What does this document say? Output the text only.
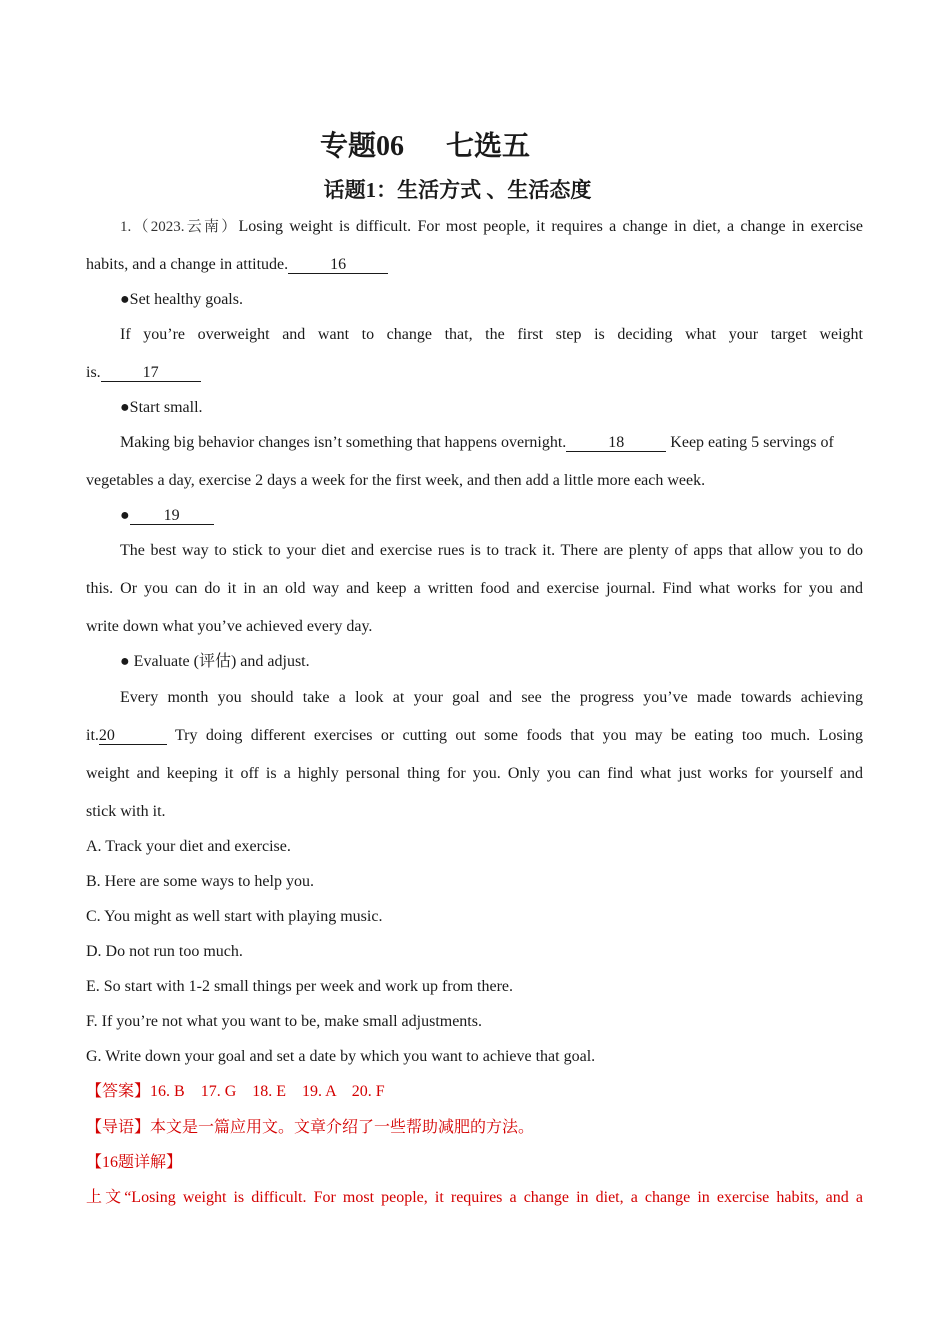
专题06 七选五
话题1：生活方式 、生活态度
1.（2023.云南）Losing weight is difficult. For most people, it requires a change in diet, a change in exercise
habits, and a change in attitude.	16
●Set healthy goals.
If you’re overweight and want to change that, the first step is deciding what your target weight
is.	17
●Start small.
Making big behavior changes isn’t something that happens overnight.	18	Keep eating 5 servings of
vegetables a day, exercise 2 days a week for the first week, and then add a little more each week.
● 19
The best way to stick to your diet and exercise rues is to track it. There are plenty of apps that allow you to do
this. Or you can do it in an old way and keep a written food and exercise journal. Find what works for you and
write down what you’ve achieved every day.
● Evaluate (评估) and adjust.
Every month you should take a look at your goal and see the progress you’ve made towards achieving
it.20	Try doing different exercises or cutting out some foods that you may be eating too much. Losing
weight and keeping it off is a highly personal thing for you. Only you can find what just works for yourself and
stick with it.
A. Track your diet and exercise.
B. Here are some ways to help you.
C. You might as well start with playing music.
D. Do not run too much.
E. So start with 1-2 small things per week and work up from there.
F. If you’re not what you want to be, make small adjustments.
G. Write down your goal and set a date by which you want to achieve that goal.
【答案】16. B    17. G    18. E    19. A    20. F
【导语】本文是一篇应用文。文章介绍了一些帮助减肥的方法。
【16题详解】
上文“Losing weight is difficult. For most people, it requires a change in diet, a change in exercise habits, and a
